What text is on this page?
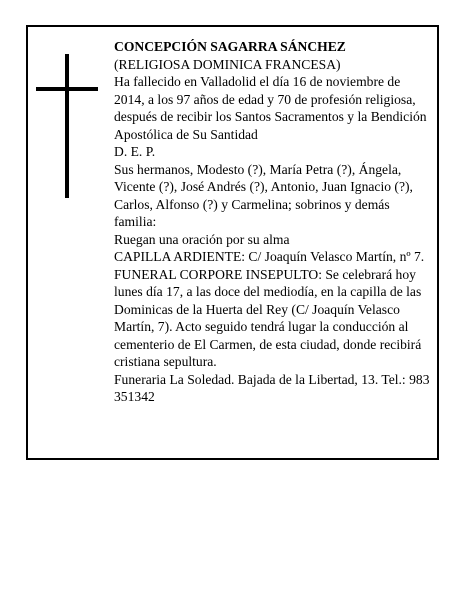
CONCEPCIÓN SAGARRA SÁNCHEZ

(RELIGIOSA DOMINICA FRANCESA)

Ha fallecido en Valladolid el día 16 de noviembre de 2014, a los 97 años de edad y 70 de profesión religiosa, después de recibir los Santos Sacramentos y la Bendición Apostólica de Su Santidad

D. E. P.

Sus hermanos, Modesto (?), María Petra (?), Ángela, Vicente (?), José Andrés (?), Antonio, Juan Ignacio (?), Carlos, Alfonso (?) y Carmelina; sobrinos y demás familia:

Ruegan una oración por su alma

CAPILLA ARDIENTE: C/ Joaquín Velasco Martín, nº 7.

FUNERAL CORPORE INSEPULTO: Se celebrará hoy lunes día 17, a las doce del mediodía, en la capilla de las Dominicas de la Huerta del Rey (C/ Joaquín Velasco Martín, 7). Acto seguido tendrá lugar la conducción al cementerio de El Carmen, de esta ciudad, donde recibirá cristiana sepultura.

Funeraria La Soledad. Bajada de la Libertad, 13. Tel.: 983 351342
